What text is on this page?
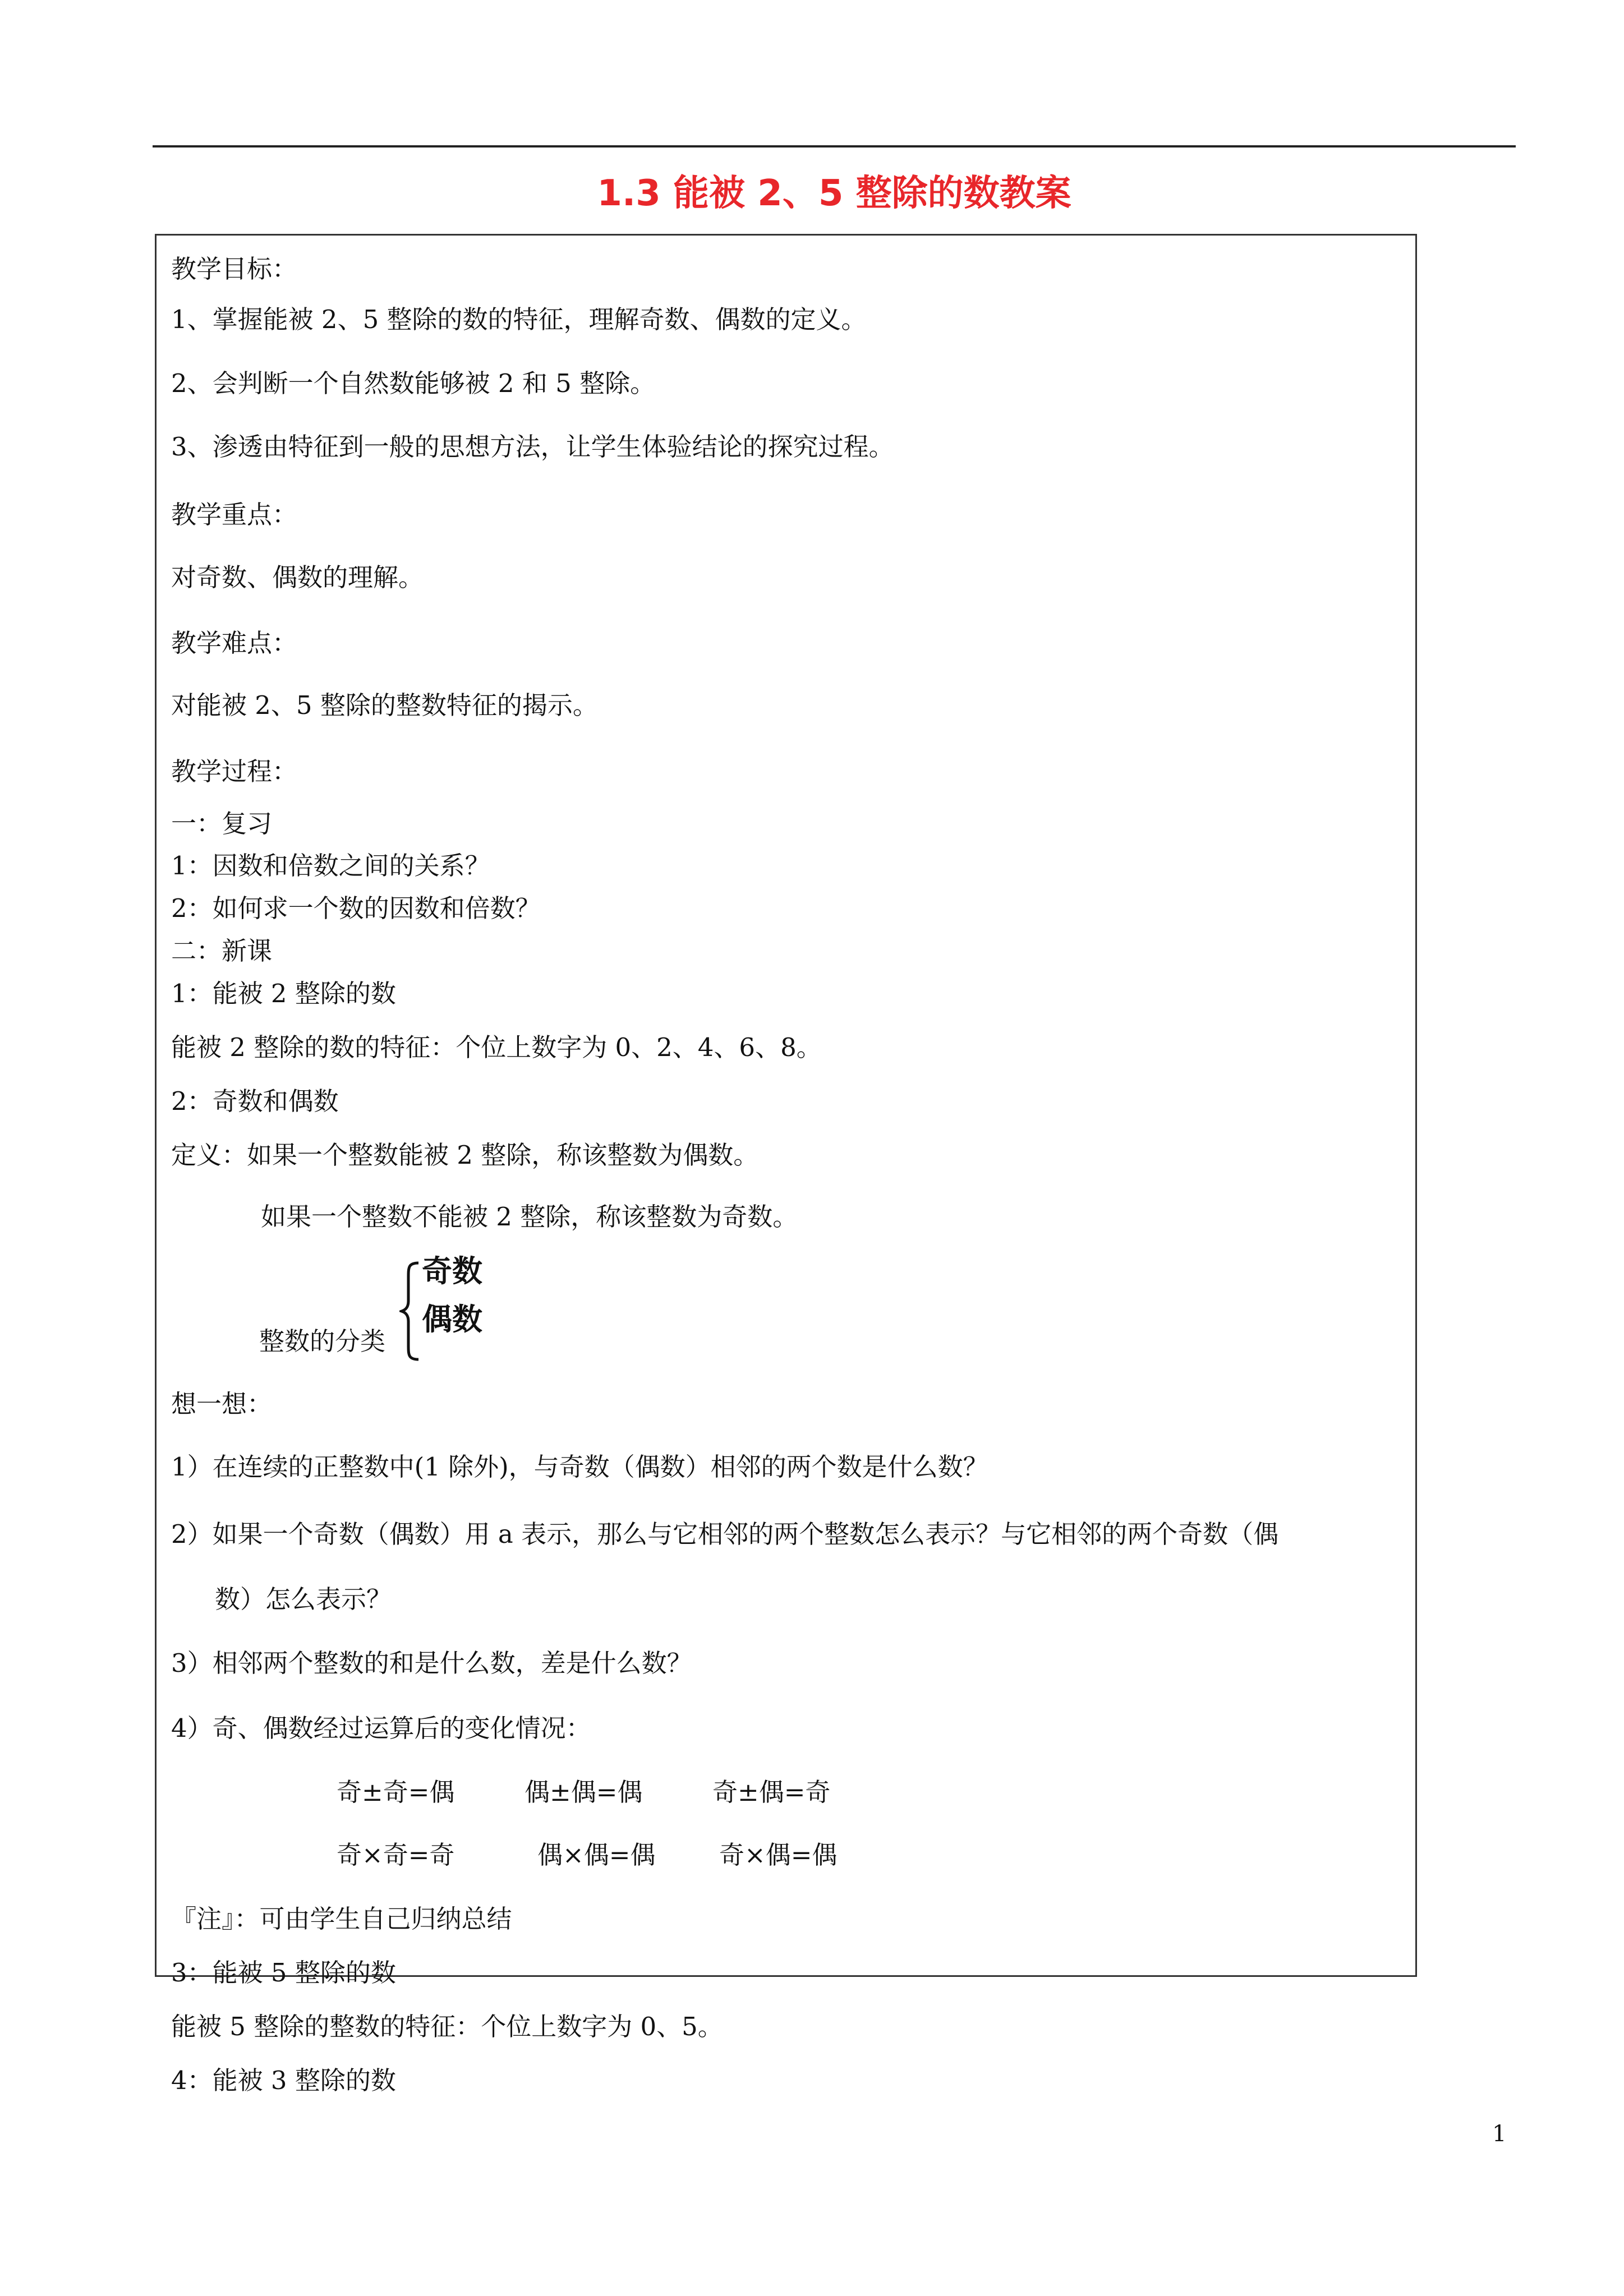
1.3 能被 2、5 整除的数教案

教学目标：

1、掌握能被 2、5 整除的数的特征，理解奇数、偶数的定义。

2、会判断一个自然数能够被 2 和 5 整除。

3、渗透由特征到一般的思想方法，让学生体验结论的探究过程。

教学重点：

对奇数、偶数的理解。

教学难点：

对能被 2、5 整除的整数特征的揭示。

教学过程：

一：复习

1：因数和倍数之间的关系？

2：如何求一个数的因数和倍数？

二：新课

1：能被 2 整除的数

能被 2 整除的数的特征：个位上数字为 0、2、4、6、8。

2：奇数和偶数

定义：如果一个整数能被 2 整除，称该整数为偶数。

如果一个整数不能被 2 整除，称该整数为奇数。

奇数

偶数

整数的分类

想一想：

1）在连续的正整数中(1 除外)，与奇数（偶数）相邻的两个数是什么数？

2）如果一个奇数（偶数）用 a 表示，那么与它相邻的两个整数怎么表示？与它相邻的两个奇数（偶

数）怎么表示？

3）相邻两个整数的和是什么数，差是什么数？

4）奇、偶数经过运算后的变化情况：

奇±奇=偶	偶±偶=偶	奇±偶=奇

奇×奇=奇	偶×偶=偶	奇×偶=偶

『注』：可由学生自己归纳总结

3：能被 5 整除的数

能被 5 整除的整数的特征：个位上数字为 0、5。

4：能被 3 整除的数

1
